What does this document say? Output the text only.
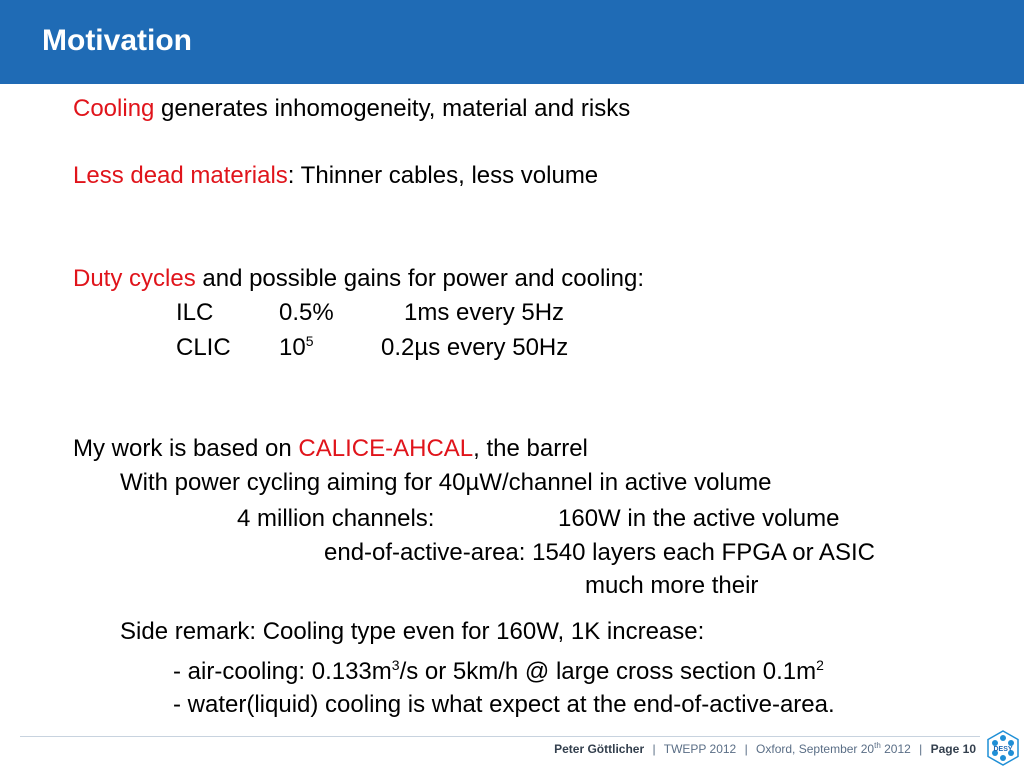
Motivation
Cooling generates inhomogeneity, material and risks
Less dead materials: Thinner cables, less volume
Duty cycles and possible gains for power and cooling:
ILC	0.5%	1ms every 5Hz
CLIC $10^5$	0.2µs every 50Hz
My work is based on CALICE-AHCAL, the barrel
With power cycling aiming for 40µW/channel in active volume
4 million channels:	160W in the active volume
end-of-active-area: 1540 layers each FPGA or ASIC
much more their
Side remark: Cooling type even for 160W, 1K increase:
- air-cooling: $0.133m^3/s$ or 5km/h @ large cross section $0.1m^2$
- water(liquid) cooling is what expect at the end-of-active-area.
Peter Göttlicher | TWEPP 2012 | Oxford, September 20th 2012 | Page 10 DESY
